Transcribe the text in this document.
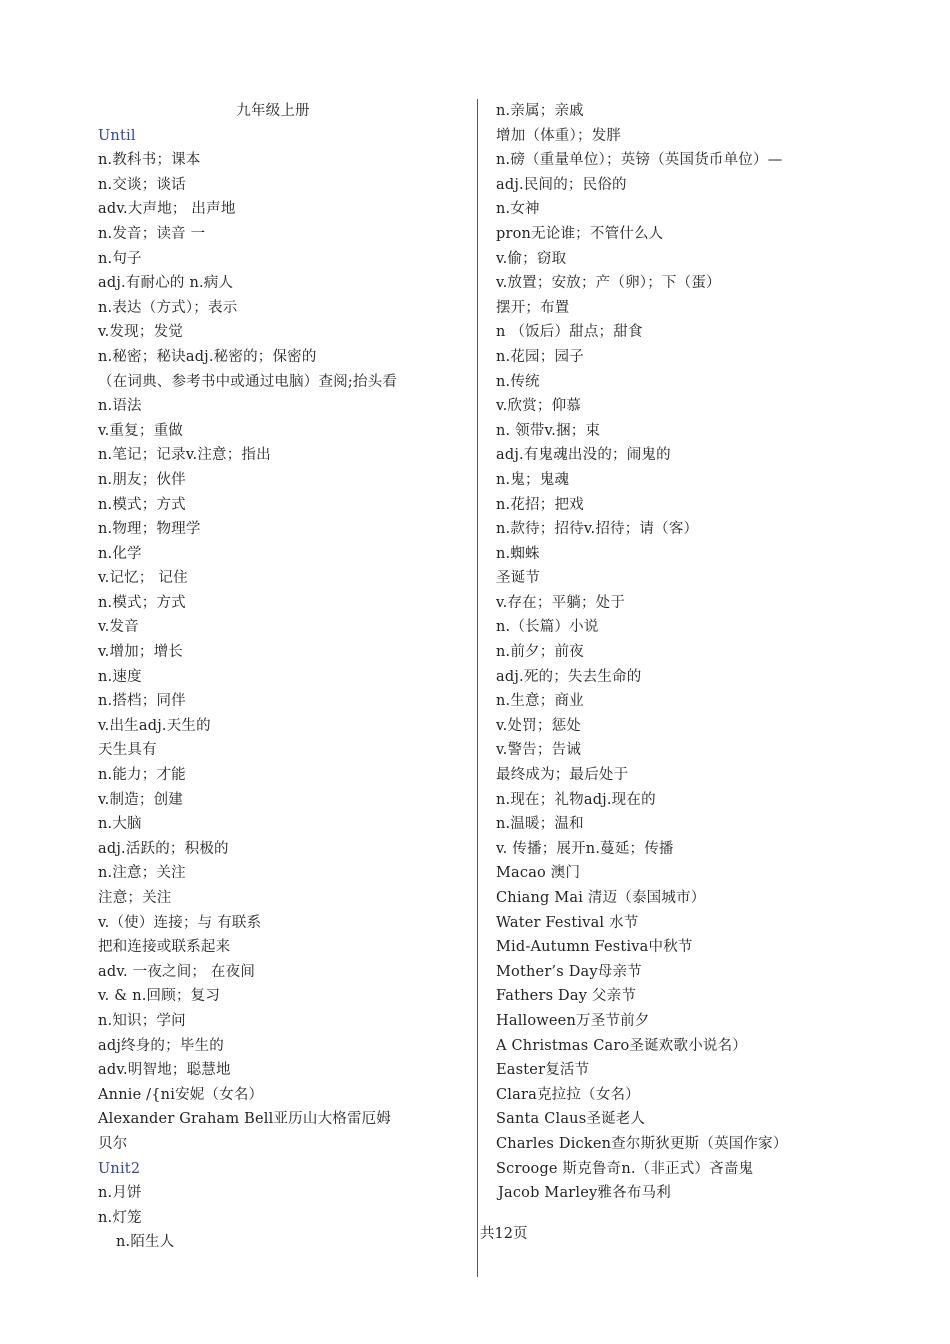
九年级上册
Until
n.教科书；课本
n.交谈；谈话
adv.大声地； 出声地
n.发音；读音 一
n.句子
adj.有耐心的 n.病人
n.表达（方式）；表示
v.发现；发觉
n.秘密；秘诀adj.秘密的；保密的
（在词典、参考书中或通过电脑）查阅;抬头看
n.语法
v.重复；重做
n.笔记；记录v.注意；指出
n.朋友；伙伴
n.模式；方式
n.物理；物理学
n.化学
v.记忆； 记住
n.模式；方式
v.发音
v.增加；增长
n.速度
n.搭档；同伴
v.出生adj.天生的
天生具有
n.能力；才能
v.制造；创建
n.大脑
adj.活跃的；积极的
n.注意；关注
注意；关注
v.（使）连接；与 有联系
把和连接或联系起来
adv. 一夜之间； 在夜间
v. & n.回顾；复习
n.知识；学问
adj终身的；毕生的
adv.明智地；聪慧地
Annie /{ni安妮（女名）
Alexander Graham Bell亚历山大格雷厄姆
贝尔
Unit2
n.月饼
n.灯笼
n.陌生人
n.亲属；亲戚
增加（体重）；发胖
n.磅（重量单位）；英镑（英国货币单位）—
adj.民间的；民俗的
n.女神
pron无论谁；不管什么人
v.偷；窃取
v.放置；安放；产（卵）；下（蛋）
摆开；布置
n （饭后）甜点；甜食
n.花园；园子
n.传统
v.欣赏；仰慕
n. 领带v.捆；束
adj.有鬼魂出没的；闹鬼的
n.鬼；鬼魂
n.花招；把戏
n.款待；招待v.招待；请（客）
n.蜘蛛
圣诞节
v.存在；平躺；处于
n.（长篇）小说
n.前夕；前夜
adj.死的；失去生命的
n.生意；商业
v.处罚；惩处
v.警告；告诫
最终成为；最后处于
n.现在；礼物adj.现在的
n.温暖；温和
v. 传播；展开n.蔓延；传播
Macao 澳门
Chiang Mai 清迈（泰国城市）
Water Festival 水节
Mid-Autumn Festiva中秋节
Mother’s Day母亲节
Fathers Day 父亲节
Halloween万圣节前夕
A Christmas Caro圣诞欢歌小说名）
Easter复活节
Clara克拉拉（女名）
Santa Claus圣诞老人
Charles Dicken查尔斯狄更斯（英国作家）
Scrooge 斯克鲁奇n.（非正式）吝啬鬼
Jacob Marley雅各布马利
共12页
